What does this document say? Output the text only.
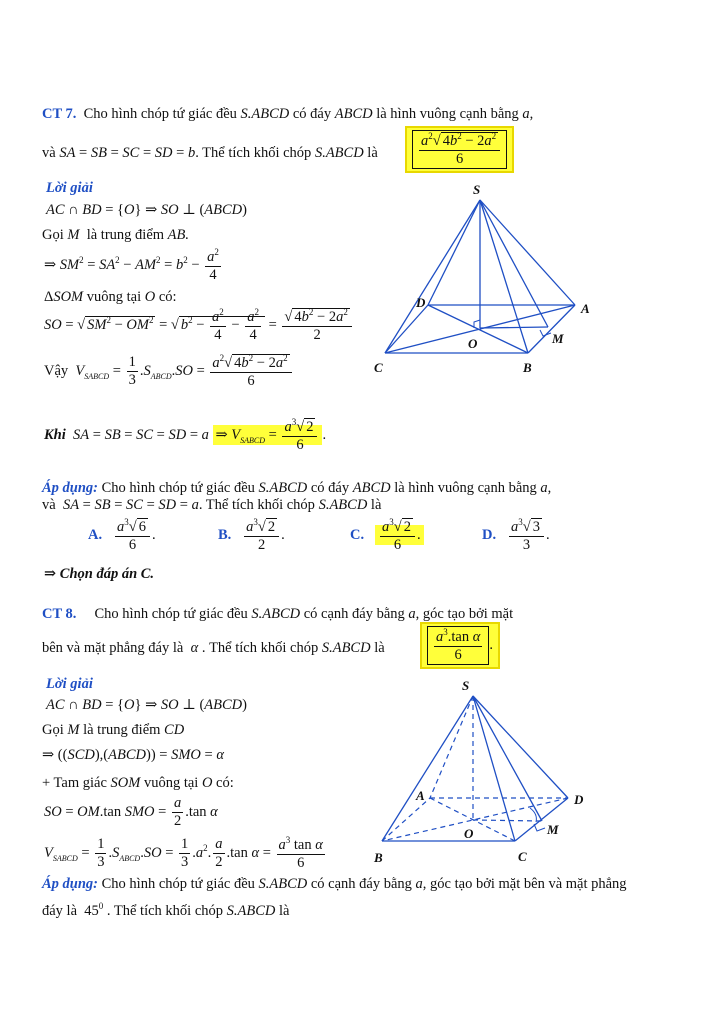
CT 7. Cho hình chóp tứ giác đều S.ABCD có đáy ABCD là hình vuông cạnh bằng a,
và SA = SB = SC = SD = b. Thể tích khối chóp S.ABCD là	$\frac{a^2√ 4b^2 - 2a^2}{6}$
Lời giải
AC ∩ BD = {O} ⇒ SO ⊥ (ABCD)
Gọi M  là trung điểm AB.
⇒ $SM^2 = SA^2 - AM^2 = b^2 - \frac{a^2}{4}$
ΔSOM vuông tại O có:
SO = √ $SM^2 - OM^2$ = √ $b^2 - \frac{a^2}{4} - \frac{a^2}{4} = \frac{√ 4b^2 - 2a^2}{2}$
Vậy  $V_{SABCD} = \frac{1}{3} .S_{ABCD}.SO = \frac{a^2√ 4b^2 - 2a^2}{6}$
Khi SA = SB = SC = SD = a ⇒ $V_{SABCD} = \frac{a^3√ 2}{6}$ .
Áp dụng: Cho hình chóp tứ giác đều S.ABCD có đáy ABCD là hình vuông cạnh bằng a,
và  SA = SB = SC = SD = a. Thể tích khối chóp S.ABCD là
A. $\frac{a^3√ 6}{6}$ .	B. $\frac{a^3√ 2}{2}$ .	C. $\frac{a^3√ 2}{6}$ .	D. $\frac{a^3√ 3}{3}$ .
⇒ Chọn đáp án C.
S
D	A
O	M
C	B
CT 8. Cho hình chóp tứ giác đều S.ABCD có cạnh đáy bằng a, góc tạo bởi mặt
bên và mặt phẳng đáy là  α . Thể tích khối chóp S.ABCD là	$\frac{a^3.\tan \alpha}{6}$ .
Lời giải
AC ∩ BD = {O} ⇒ SO ⊥ (ABCD)
Gọi M là trung điểm CD
⇒ ((SCD),(ABCD)) = SMO = α
+ Tam giác SOM vuông tại O có:
SO = OM.tan SMO = $\frac{a}{2} .\tan$ α
$V_{SABCD} = \frac{1}{3} .S_{ABCD}.SO = \frac{1}{3} .a^2$. $\frac{a}{2} .\tan$ $\alpha = \frac{a^3 \tan \alpha}{6}$
Áp dụng: Cho hình chóp tứ giác đều S.ABCD có cạnh đáy bằng a, góc tạo bởi mặt bên và mặt phẳng
đáy là  $45^0$ . Thể tích khối chóp S.ABCD là
S
A	D
O	M
B	C
